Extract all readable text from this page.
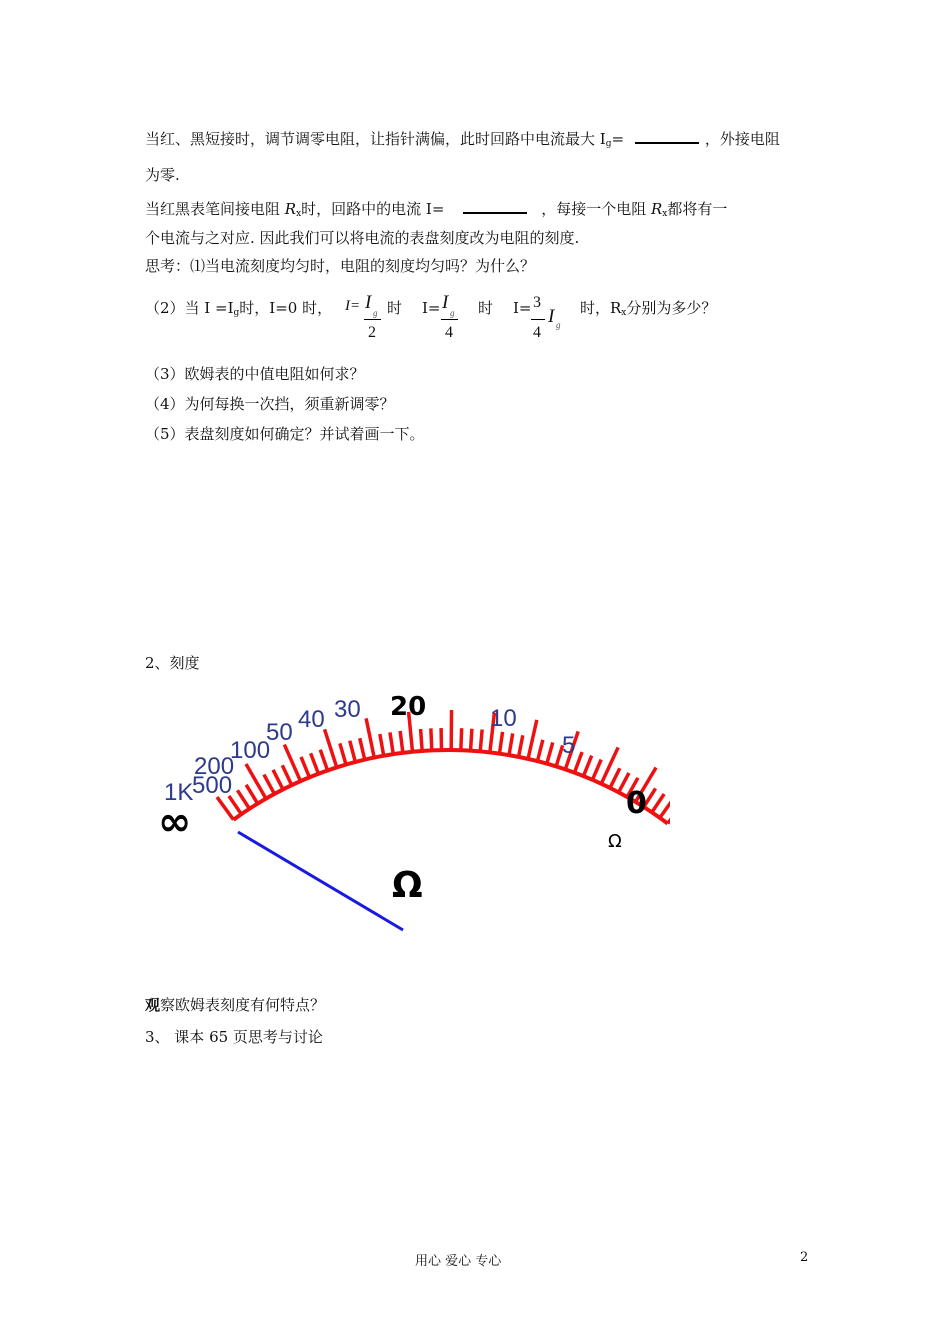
当红、黑短接时，调节调零电阻，让指针满偏，此时回路中电流最大 $I_g=$	，外接电阻
为零.
当红黑表笔间接电阻 $R_x$时，回路中的电流 I=	，每接一个电阻 $R_x$都将有一
个电流与之对应. 因此我们可以将电流的表盘刻度改为电阻的刻度.
思考：⑴当电流刻度均匀时，电阻的刻度均匀吗？为什么？
（2）当 $I =I_g$时，I=0 时， I= I g
2
时 I= I g
4
时 I= 3
4
I g
时，$R_x$分别为多少？
（3）欧姆表的中值电阻如何求？
（4）为何每换一次挡，须重新调零？
（5）表盘刻度如何确定？并试着画一下。
2、刻度
∞
1K
500
200
100
50 40 30 20	10
5
0
Ω
Ω
观察欧姆表刻度有何特点？
3、 课本 65 页思考与讨论
用心 爱心 专心	2
